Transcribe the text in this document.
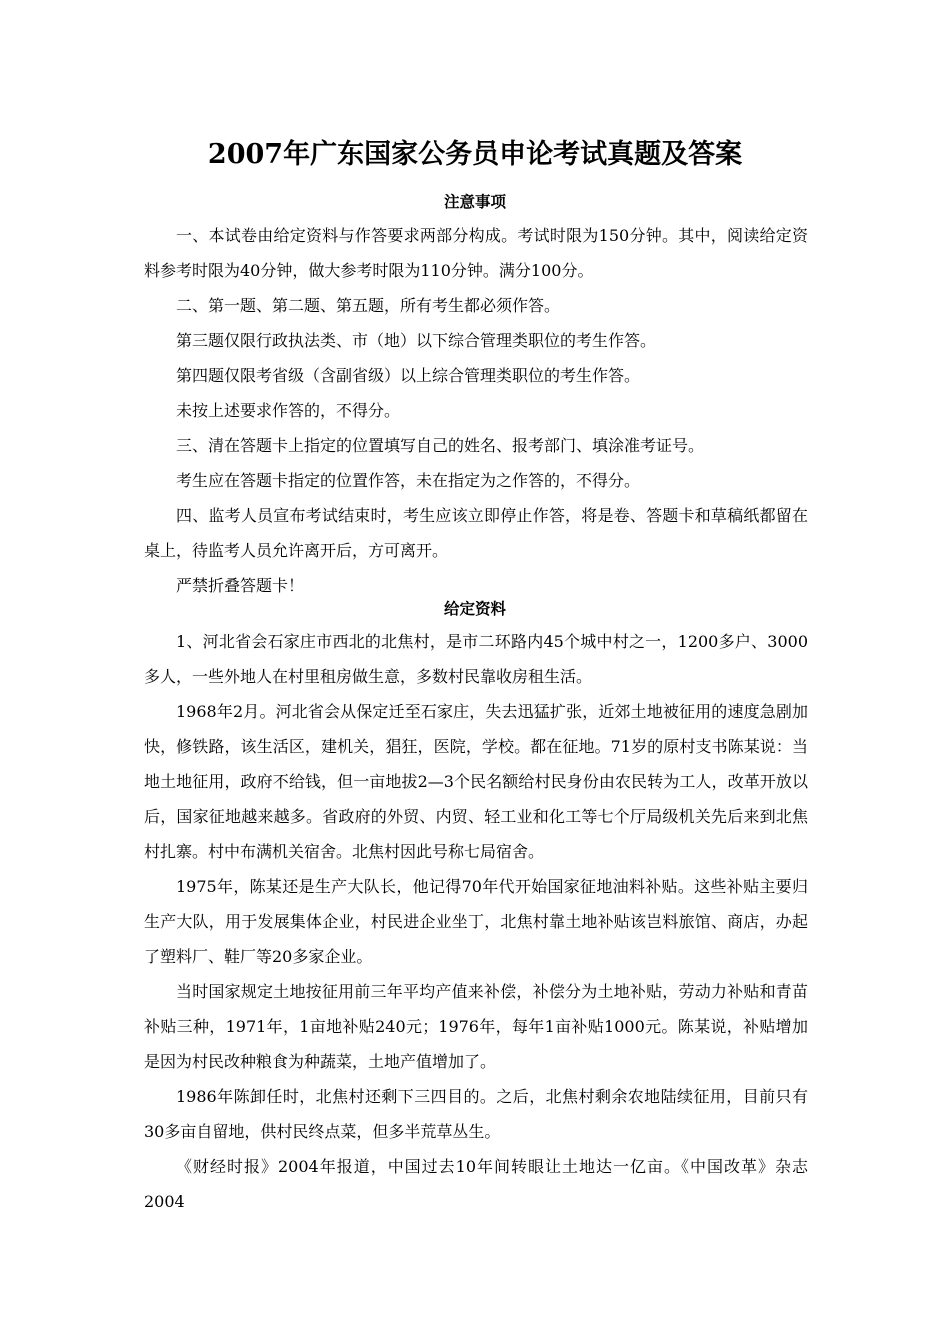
2007年广东国家公务员申论考试真题及答案
注意事项

一、本试卷由给定资料与作答要求两部分构成。考试时限为150分钟。其中，阅读给定资料参考时限为40分钟，做大参考时限为110分钟。满分100分。

二、第一题、第二题、第五题，所有考生都必须作答。

第三题仅限行政执法类、市（地）以下综合管理类职位的考生作答。

第四题仅限考省级（含副省级）以上综合管理类职位的考生作答。

未按上述要求作答的，不得分。

三、清在答题卡上指定的位置填写自己的姓名、报考部门、填涂准考证号。

考生应在答题卡指定的位置作答，未在指定为之作答的，不得分。

四、监考人员宣布考试结束时，考生应该立即停止作答，将是卷、答题卡和草稿纸都留在桌上，待监考人员允许离开后，方可离开。

严禁折叠答题卡！

给定资料

1、河北省会石家庄市西北的北焦村，是市二环路内45个城中村之一，1200多户、3000多人，一些外地人在村里租房做生意，多数村民靠收房租生活。

1968年2月。河北省会从保定迁至石家庄，失去迅猛扩张，近郊土地被征用的速度急剧加快，修铁路，该生活区，建机关，猖狂，医院，学校。都在征地。71岁的原村支书陈某说：当地土地征用，政府不给钱，但一亩地拔2—3个民名额给村民身份由农民转为工人，改革开放以后，国家征地越来越多。省政府的外贸、内贸、轻工业和化工等七个厅局级机关先后来到北焦村扎寨。村中布满机关宿舍。北焦村因此号称七局宿舍。

1975年，陈某还是生产大队长，他记得70年代开始国家征地油料补贴。这些补贴主要归生产大队，用于发展集体企业，村民进企业坐丁，北焦村靠土地补贴该岂料旅馆、商店，办起了塑料厂、鞋厂等20多家企业。

当时国家规定土地按征用前三年平均产值来补偿，补偿分为土地补贴，劳动力补贴和青苗补贴三种，1971年，1亩地补贴240元；1976年，每年1亩补贴1000元。陈某说，补贴增加是因为村民改种粮食为种蔬菜，土地产值增加了。

1986年陈卸任时，北焦村还剩下三四目的。之后，北焦村剩余农地陆续征用，目前只有30多亩自留地，供村民终点菜，但多半荒草丛生。

《财经时报》2004年报道，中国过去10年间转眼让土地达一亿亩。《中国改革》杂志2004
